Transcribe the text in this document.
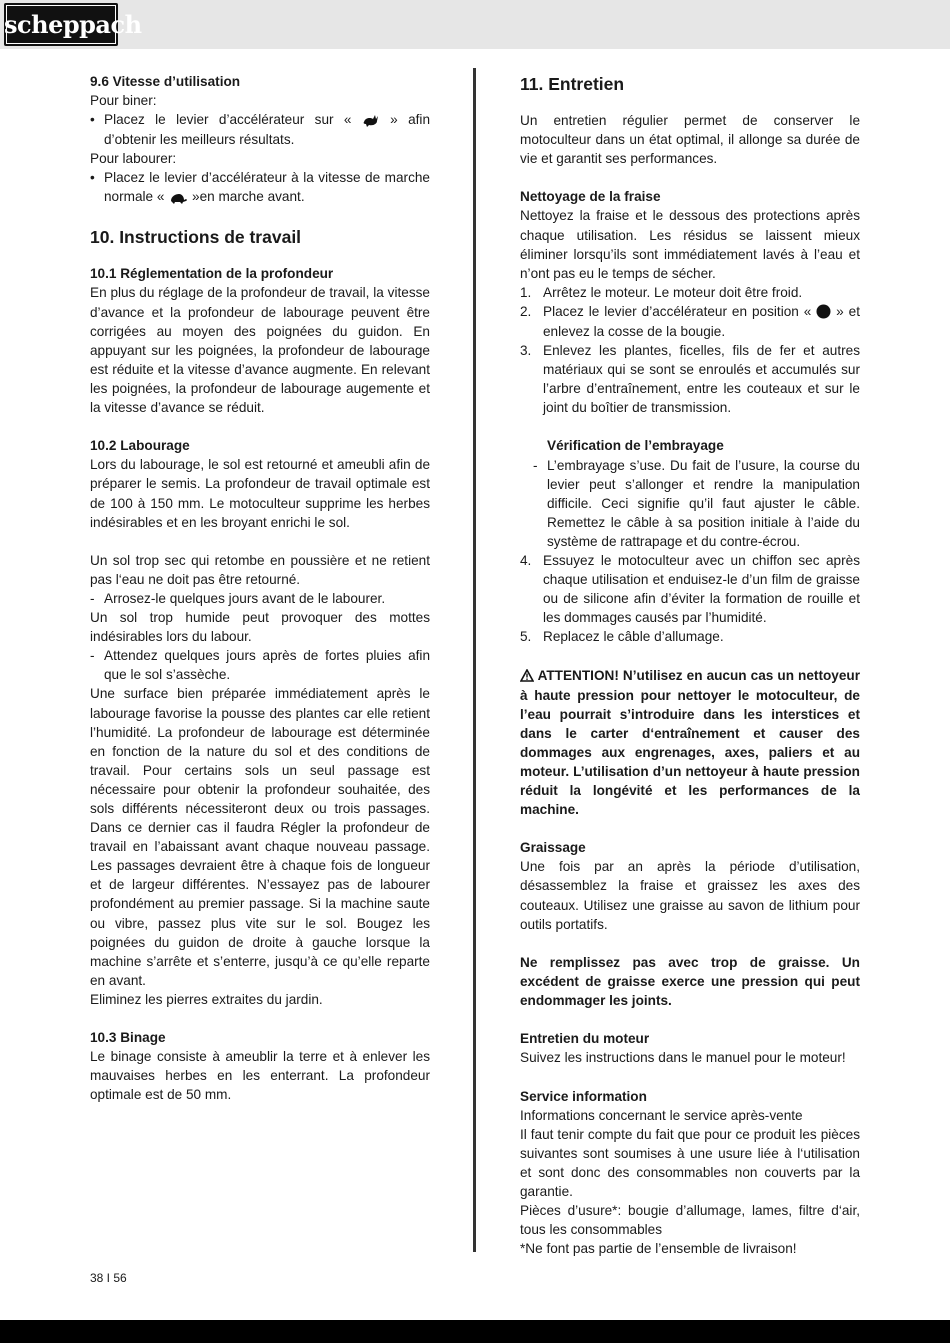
scheppach

9.6 Vitesse d’utilisation

Pour biner:

• Placez le levier d’accélérateur sur «	» afin d’obtenir les meilleurs résultats.

Pour labourer:

• Placez le levier d’accélérateur à la vitesse de marche normale « »en marche avant.

10. Instructions de travail

10.1 Réglementation de la profondeur

En plus du réglage de la profondeur de travail, la vitesse d’avance et la profondeur de labourage peuvent être corrigées au moyen des poignées du guidon. En appuyant sur les poignées, la profondeur de labourage est réduite et la vitesse d’avance augmente. En relevant les poignées, la profondeur de labourage augemente et la vitesse d’avance se réduit.

10.2 Labourage

Lors du labourage, le sol est retourné et ameubli afin de préparer le semis. La profondeur de travail optimale est de 100 à 150 mm. Le motoculteur supprime les herbes indésirables et en les broyant enrichi le sol.

Un sol trop sec qui retombe en poussière et ne retient pas l‘eau ne doit pas être retourné.

- Arrosez-le quelques jours avant de le labourer.

Un sol trop humide peut provoquer des mottes indésirables lors du labour.

- Attendez quelques jours après de fortes pluies afin que le sol s’assèche.

Une surface bien préparée immédiatement après le labourage favorise la pousse des plantes car elle retient l’humidité. La profondeur de labourage est déterminée en fonction de la nature du sol et des conditions de travail. Pour certains sols un seul passage est nécessaire pour obtenir la profondeur souhaitée, des sols différents nécessiteront deux ou trois passages. Dans ce dernier cas il faudra Régler la profondeur de travail en l’abaissant avant chaque nouveau passage. Les passages devraient être à chaque fois de longueur et de largeur différentes. N’essayez pas de labourer profondément au premier passage. Si la machine saute ou vibre, passez plus vite sur le sol. Bougez les poignées du guidon de droite à gauche lorsque la machine s’arrête et s’enterre, jusqu’à ce qu’elle reparte en avant.

Eliminez les pierres extraites du jardin.

10.3 Binage

Le binage consiste à ameublir la terre et à enlever les mauvaises herbes en les enterrant. La profondeur optimale est de 50 mm.

11. Entretien

Un entretien régulier permet de conserver le motoculteur dans un état optimal, il allonge sa durée de vie et garantit ses performances.

Nettoyage de la fraise

Nettoyez la fraise et le dessous des protections après chaque utilisation. Les résidus se laissent mieux éliminer lorsqu’ils sont immédiatement lavés à l’eau et n’ont pas eu le temps de sécher.

1. Arrêtez le moteur. Le moteur doit être froid.
2. Placez le levier d’accélérateur en position « » et enlevez la cosse de la bougie.
3. Enlevez les plantes, ficelles, fils de fer et autres matériaux qui se sont se enroulés et accumulés sur l’arbre d’entraînement, entre les couteaux et sur le joint du boîtier de transmission.

Vérification de l’embrayage

- L’embrayage s’use. Du fait de l’usure, la course du levier peut s’allonger et rendre la manipulation difficile. Ceci signifie qu’il faut ajuster le câble. Remettez le câble à sa position initiale à l’aide du système de rattrapage et du contre-écrou.
4. Essuyez le motoculteur avec un chiffon sec après chaque utilisation et enduisez-le d’un film de graisse ou de silicone afin d’éviter la formation de rouille et les dommages causés par l’humidité.
5. Replacez le câble d’allumage.

ATTENTION! N’utilisez en aucun cas un nettoyeur à haute pression pour nettoyer le motoculteur, de l’eau pourrait s’introduire dans les interstices et dans le carter d‘entraînement et causer des dommages aux engrenages, axes, paliers et au moteur. L’utilisation d’un nettoyeur à haute pression réduit la longévité et les performances de la machine.

Graissage

Une fois par an après la période d’utilisation, désassemblez la fraise et graissez les axes des couteaux. Utilisez une graisse au savon de lithium pour outils portatifs.

Ne remplissez pas avec trop de graisse. Un excédent de graisse exerce une pression qui peut endommager les joints.

Entretien du moteur

Suivez les instructions dans le manuel pour le moteur!

Service information

Informations concernant le service après-vente

Il faut tenir compte du fait que pour ce produit les pièces suivantes sont soumises à une usure liée à l‘utilisation et sont donc des consommables non couverts par la garantie.

Pièces d’usure*: bougie d’allumage, lames, filtre d‘air, tous les consommables

*Ne font pas partie de l’ensemble de livraison!

38 I 56
